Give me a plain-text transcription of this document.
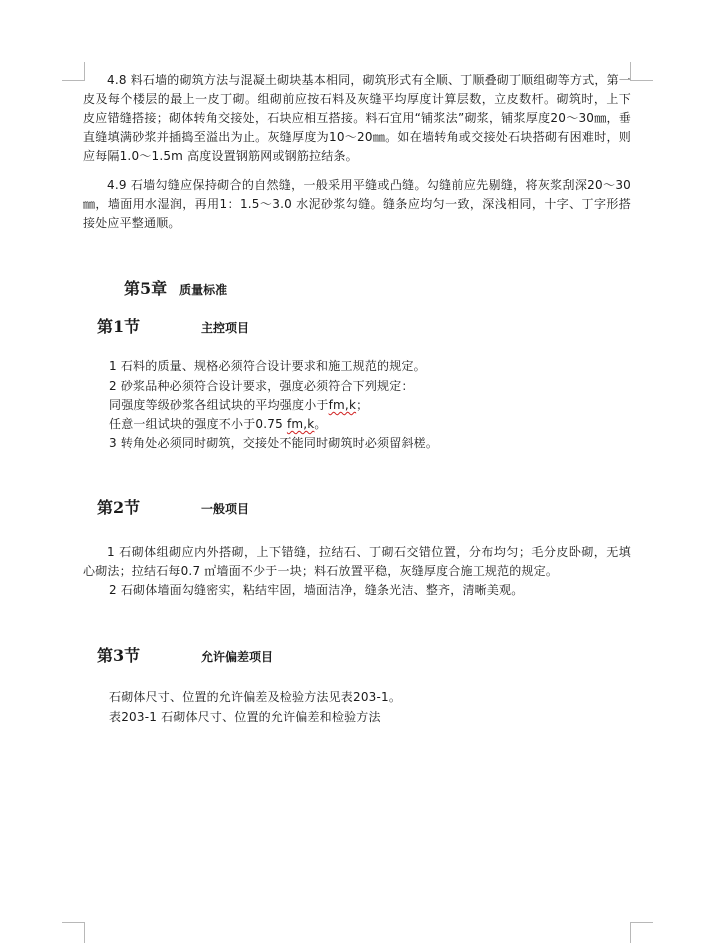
4.8 料石墙的砌筑方法与混凝土砌块基本相同，砌筑形式有全顺、丁顺叠砌丁顺组砌等方式，第一皮及每个楼层的最上一皮丁砌。组砌前应按石料及灰缝平均厚度计算层数，立皮数杆。砌筑时，上下皮应错缝搭接；砌体转角交接处，石块应相互搭接。料石宜用“铺浆法”砌浆，铺浆厚度20～30㎜，垂直缝填满砂浆并插捣至溢出为止。灰缝厚度为10～20㎜。如在墙转角或交接处石块搭砌有困难时，则应每隔1.0～1.5m 高度设置钢筋网或钢筋拉结条。

4.9 石墙勾缝应保持砌合的自然缝，一般采用平缝或凸缝。勾缝前应先剔缝，将灰浆刮深20～30㎜，墙面用水湿润，再用1：1.5～3.0 水泥砂浆勾缝。缝条应均匀一致，深浅相同，十字、丁字形搭接处应平整通顺。

第5章 质量标准
第1节	主控项目

1 石料的质量、规格必须符合设计要求和施工规范的规定。

2 砂浆品种必须符合设计要求，强度必须符合下列规定：

同强度等级砂浆各组试块的平均强度小于fm,k；

任意一组试块的强度不小于0.75 fm,k。

3 转角处必须同时砌筑，交接处不能同时砌筑时必须留斜槎。

第2节	一般项目

1 石砌体组砌应内外搭砌，上下错缝，拉结石、丁砌石交错位置，分布均匀；毛分皮卧砌，无填心砌法；拉结石每0.7 ㎡墙面不少于一块；料石放置平稳，灰缝厚度合施工规范的规定。

2 石砌体墙面勾缝密实，粘结牢固，墙面洁净，缝条光洁、整齐，清晰美观。

第3节	允许偏差项目

石砌体尺寸、位置的允许偏差及检验方法见表203-1。

表203-1 石砌体尺寸、位置的允许偏差和检验方法
